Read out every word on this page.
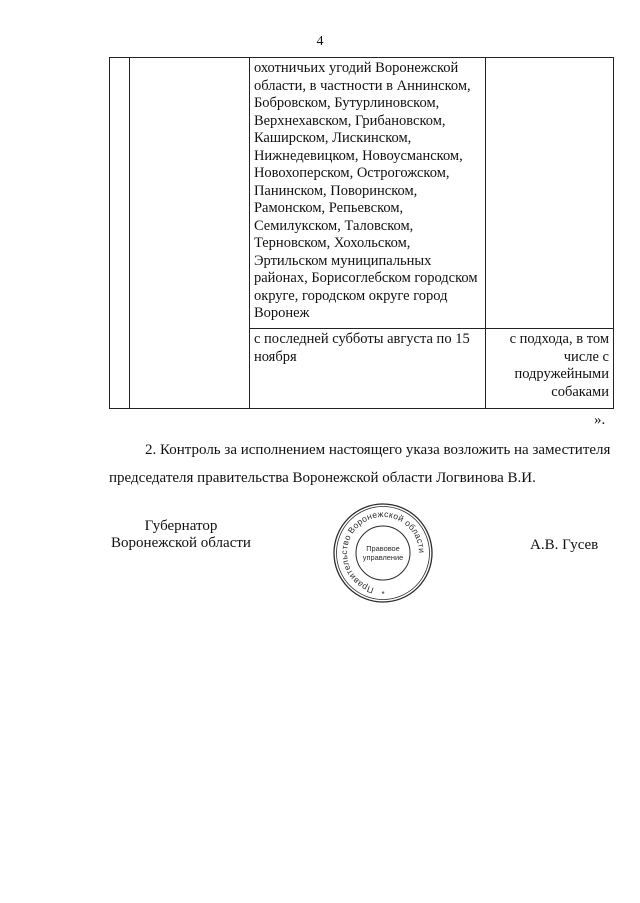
4
		охотничьих угодий Воронежской области, в частности в Аннинском, Бобровском, Бутурлиновском, Верхнехавском, Грибановском, Каширском, Лискинском, Нижнедевицком, Новоусманском, Новохоперском, Острогожском, Панинском, Поворинском, Рамонском, Репьевском, Семилукском, Таловском, Терновском, Хохольском, Эртильском муниципальных районах, Борисоглебском городском округе, городском округе город Воронеж	
		с последней субботы августа по 15 ноября	с подхода, в том числе с подружейными собаками
».
2. Контроль за исполнением настоящего указа возложить на заместителя
председателя правительства Воронежской области Логвинова В.И.
Губернатор
Воронежской области
Правительство Воронежской области
Правовое
управление
*
А.В. Гусев
